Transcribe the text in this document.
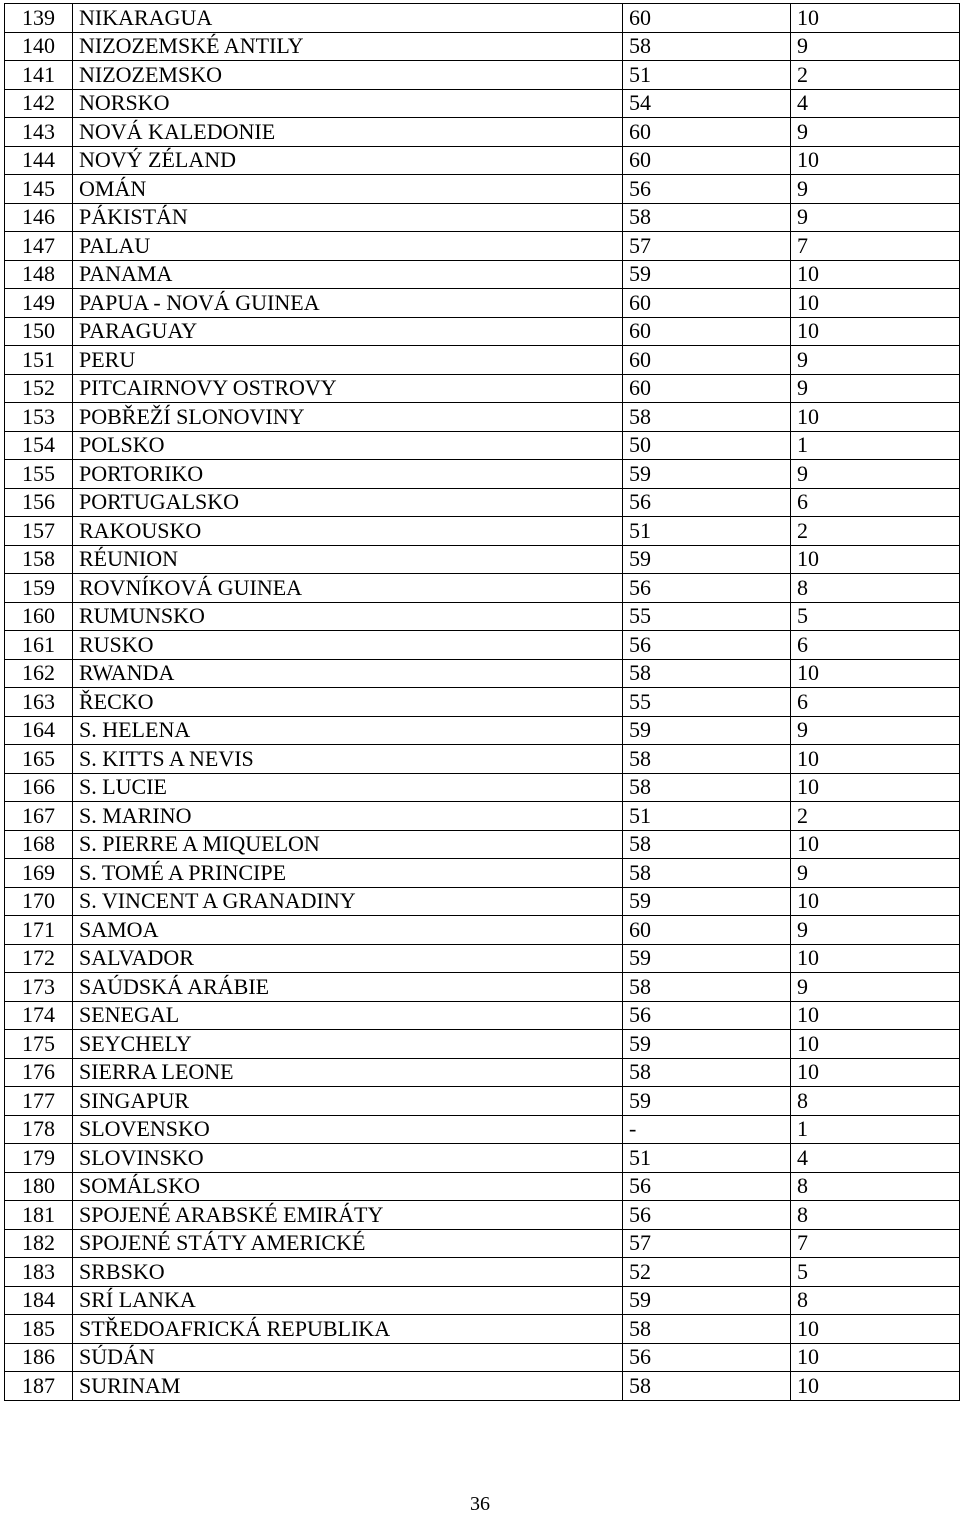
139	NIKARAGUA	60	10
140	NIZOZEMSKÉ ANTILY	58	9
141	NIZOZEMSKO	51	2
142	NORSKO	54	4
143	NOVÁ KALEDONIE	60	9
144	NOVÝ ZÉLAND	60	10
145	OMÁN	56	9
146	PÁKISTÁN	58	9
147	PALAU	57	7
148	PANAMA	59	10
149	PAPUA - NOVÁ GUINEA	60	10
150	PARAGUAY	60	10
151	PERU	60	9
152	PITCAIRNOVY OSTROVY	60	9
153	POBŘEŽÍ SLONOVINY	58	10
154	POLSKO	50	1
155	PORTORIKO	59	9
156	PORTUGALSKO	56	6
157	RAKOUSKO	51	2
158	RÉUNION	59	10
159	ROVNÍKOVÁ GUINEA	56	8
160	RUMUNSKO	55	5
161	RUSKO	56	6
162	RWANDA	58	10
163	ŘECKO	55	6
164	S. HELENA	59	9
165	S. KITTS A NEVIS	58	10
166	S. LUCIE	58	10
167	S. MARINO	51	2
168	S. PIERRE A MIQUELON	58	10
169	S. TOMÉ A PRINCIPE	58	9
170	S. VINCENT A GRANADINY	59	10
171	SAMOA	60	9
172	SALVADOR	59	10
173	SAÚDSKÁ ARÁBIE	58	9
174	SENEGAL	56	10
175	SEYCHELY	59	10
176	SIERRA LEONE	58	10
177	SINGAPUR	59	8
178	SLOVENSKO	-	1
179	SLOVINSKO	51	4
180	SOMÁLSKO	56	8
181	SPOJENÉ ARABSKÉ EMIRÁTY	56	8
182	SPOJENÉ STÁTY AMERICKÉ	57	7
183	SRBSKO	52	5
184	SRÍ LANKA	59	8
185	STŘEDOAFRICKÁ REPUBLIKA	58	10
186	SÚDÁN	56	10
187	SURINAM	58	10
36
